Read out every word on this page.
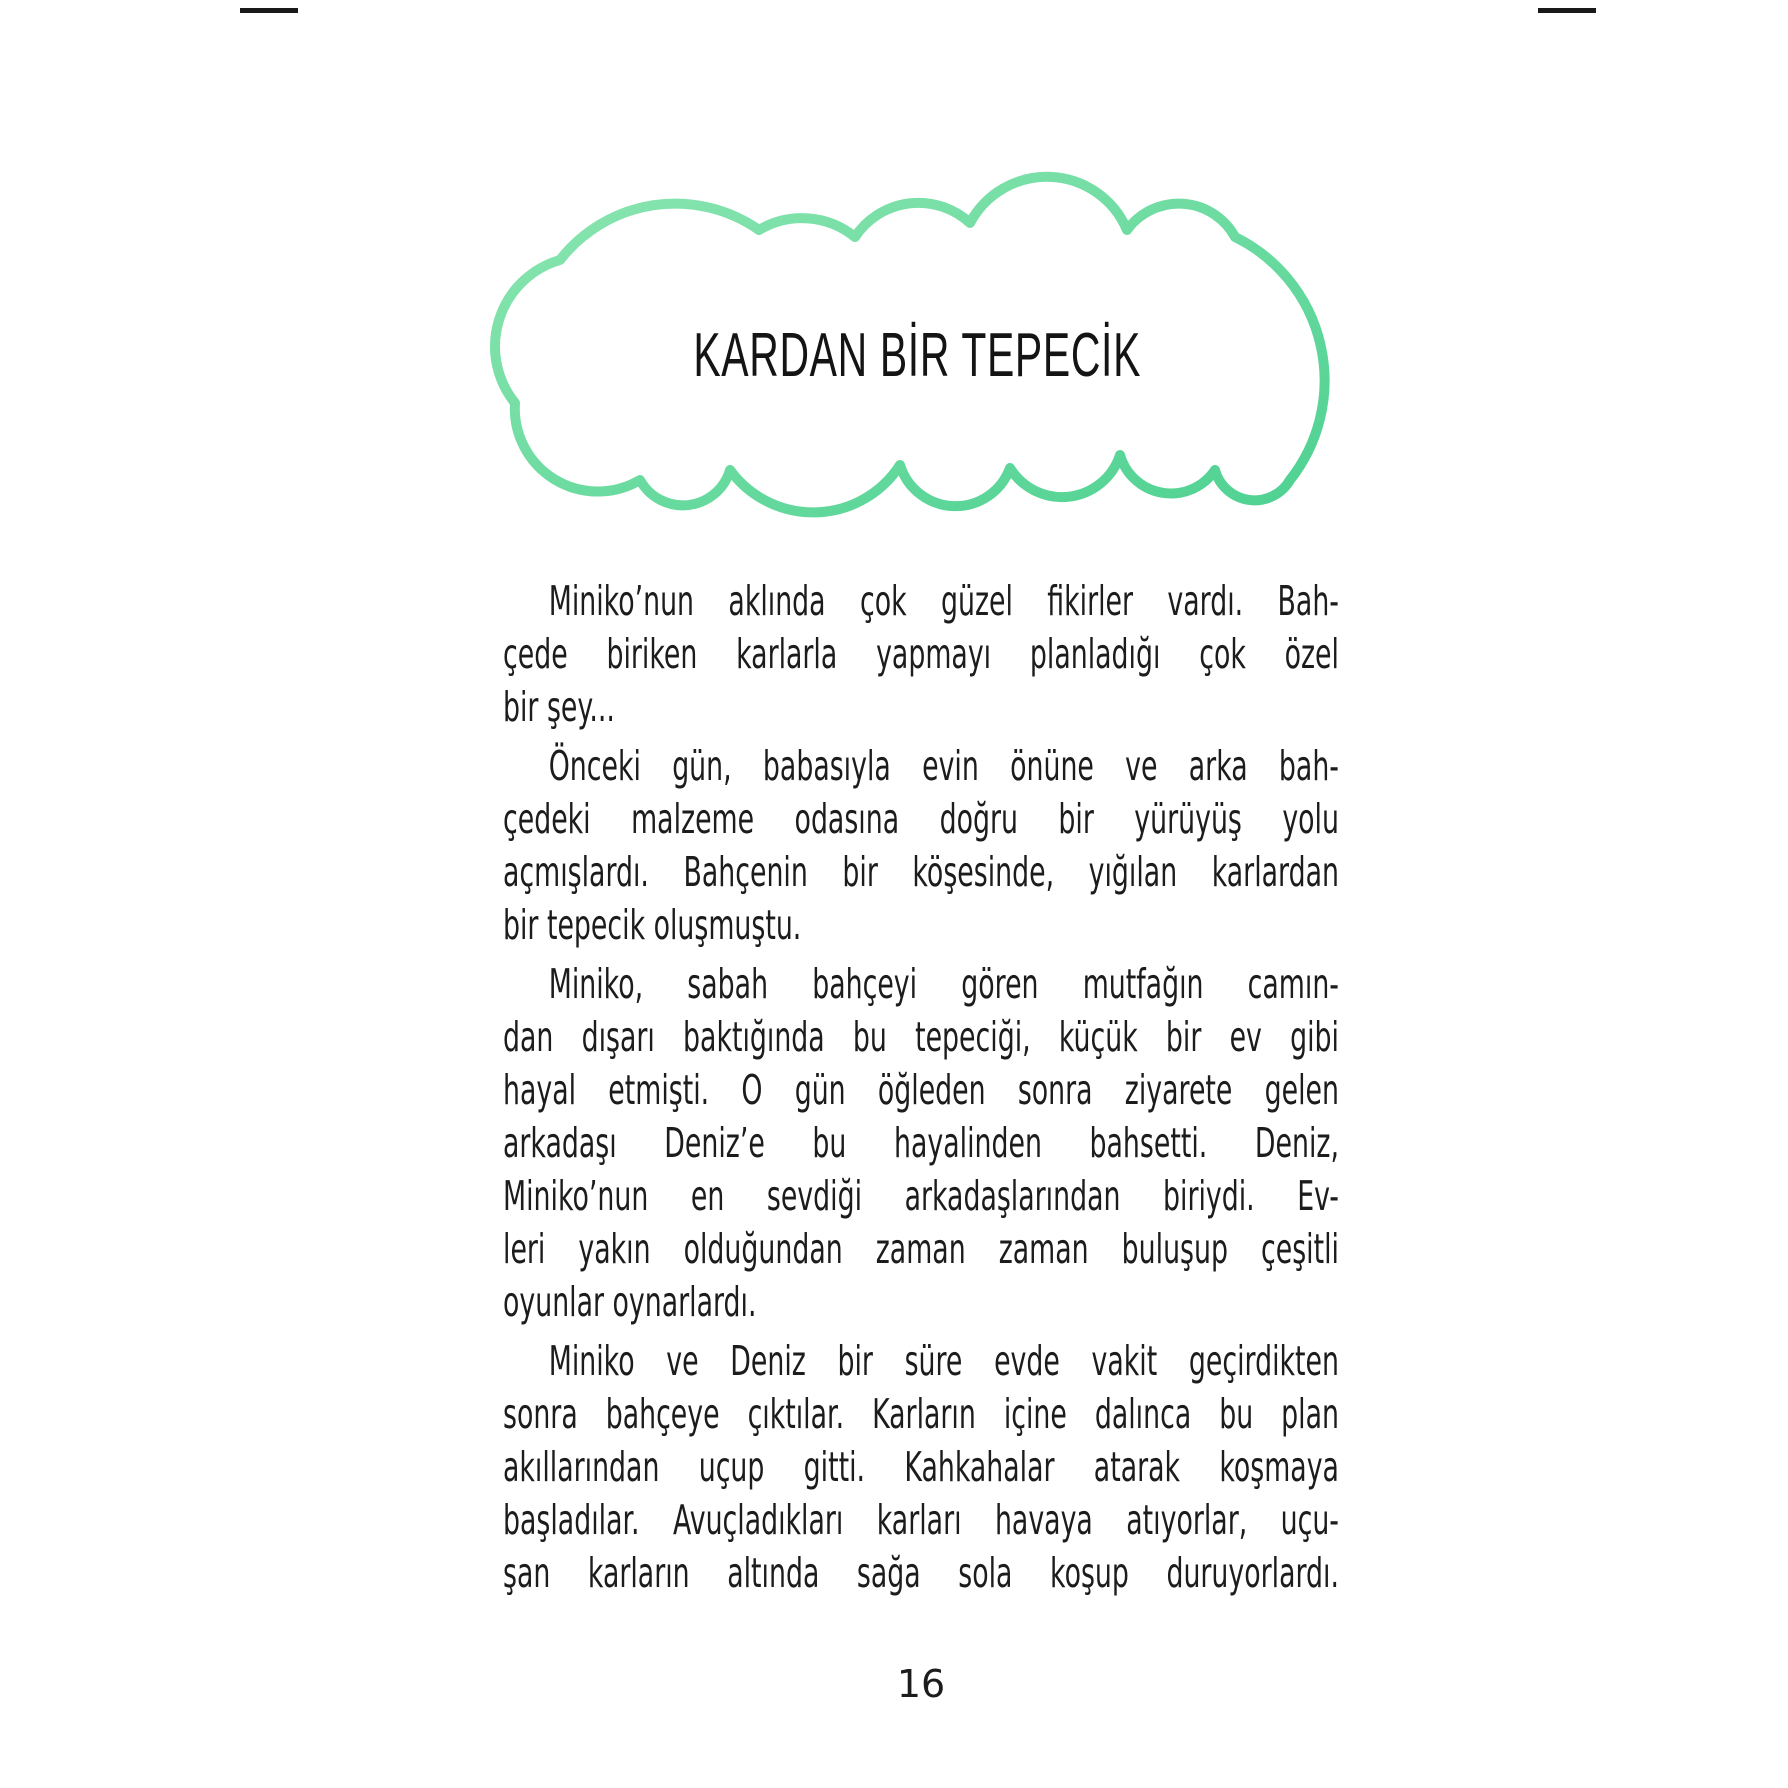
KARDAN BİR TEPECİK
Miniko’nun aklında çok güzel fikirler vardı. Bah-
çede biriken karlarla yapmayı planladığı çok özel
bir şey...
Önceki gün, babasıyla evin önüne ve arka bah-
çedeki malzeme odasına doğru bir yürüyüş yolu
açmışlardı. Bahçenin bir köşesinde, yığılan karlardan
bir tepecik oluşmuştu.
Miniko, sabah bahçeyi gören mutfağın camın-
dan dışarı baktığında bu tepeciği, küçük bir ev gibi
hayal etmişti. O gün öğleden sonra ziyarete gelen
arkadaşı Deniz’e bu hayalinden bahsetti. Deniz,
Miniko’nun en sevdiği arkadaşlarından biriydi. Ev-
leri yakın olduğundan zaman zaman buluşup çeşitli
oyunlar oynarlardı.
Miniko ve Deniz bir süre evde vakit geçirdikten
sonra bahçeye çıktılar. Karların içine dalınca bu plan
akıllarından uçup gitti. Kahkahalar atarak koşmaya
başladılar. Avuçladıkları karları havaya atıyorlar, uçu-
şan karların altında sağa sola koşup duruyorlardı.
16
